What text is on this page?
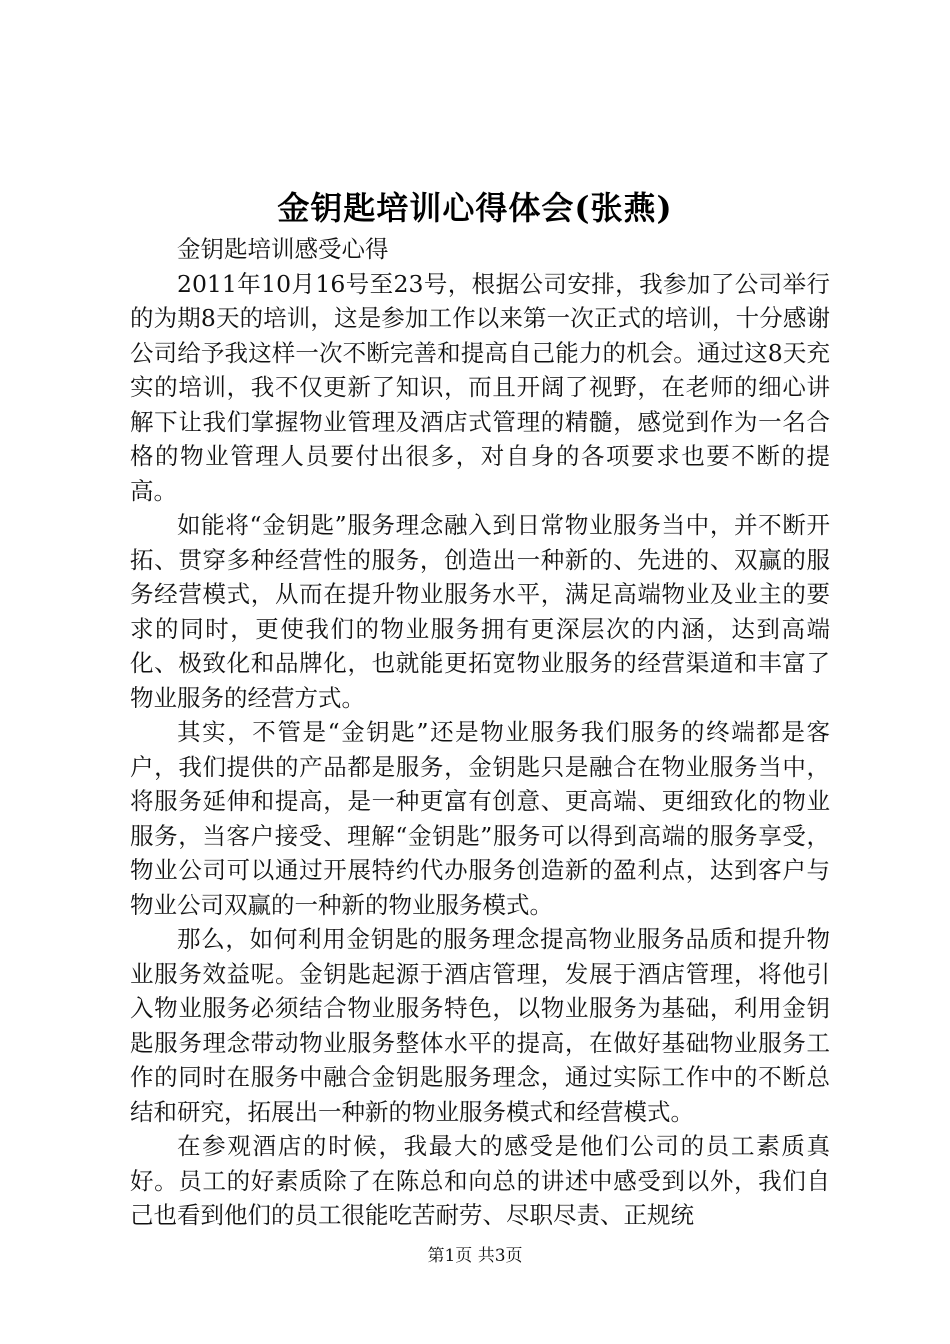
金钥匙培训心得体会(张燕)
金钥匙培训感受心得

2011年10月16号至23号，根据公司安排，我参加了公司举行的为期8天的培训，这是参加工作以来第一次正式的培训，十分感谢公司给予我这样一次不断完善和提高自己能力的机会。通过这8天充实的培训，我不仅更新了知识，而且开阔了视野，在老师的细心讲解下让我们掌握物业管理及酒店式管理的精髓，感觉到作为一名合格的物业管理人员要付出很多，对自身的各项要求也要不断的提高。

如能将“金钥匙”服务理念融入到日常物业服务当中，并不断开拓、贯穿多种经营性的服务，创造出一种新的、先进的、双赢的服务经营模式，从而在提升物业服务水平，满足高端物业及业主的要求的同时，更使我们的物业服务拥有更深层次的内涵，达到高端化、极致化和品牌化，也就能更拓宽物业服务的经营渠道和丰富了物业服务的经营方式。

其实，不管是“金钥匙”还是物业服务我们服务的终端都是客户，我们提供的产品都是服务，金钥匙只是融合在物业服务当中，将服务延伸和提高，是一种更富有创意、更高端、更细致化的物业服务，当客户接受、理解“金钥匙”服务可以得到高端的服务享受，物业公司可以通过开展特约代办服务创造新的盈利点，达到客户与物业公司双赢的一种新的物业服务模式。

那么，如何利用金钥匙的服务理念提高物业服务品质和提升物业服务效益呢。金钥匙起源于酒店管理，发展于酒店管理，将他引入物业服务必须结合物业服务特色，以物业服务为基础，利用金钥匙服务理念带动物业服务整体水平的提高，在做好基础物业服务工作的同时在服务中融合金钥匙服务理念，通过实际工作中的不断总结和研究，拓展出一种新的物业服务模式和经营模式。

在参观酒店的时候，我最大的感受是他们公司的员工素质真好。员工的好素质除了在陈总和向总的讲述中感受到以外，我们自己也看到他们的员工很能吃苦耐劳、尽职尽责、正规统

第1页 共3页
